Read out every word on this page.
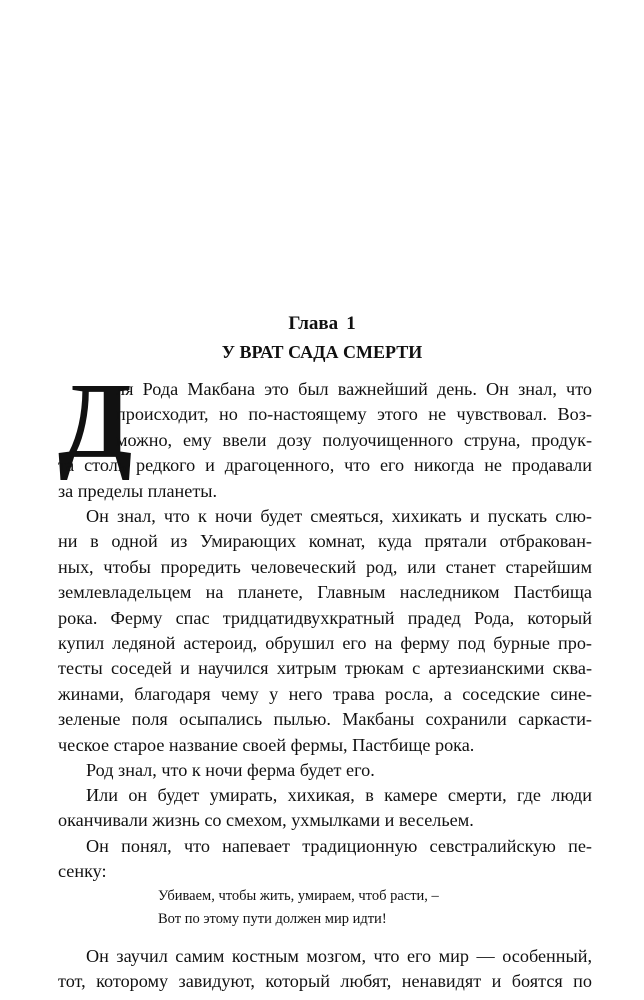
Глава 1
У ВРАТ САДА СМЕРТИ
Д
ля Рода Макбана это был важнейший день. Он знал, что
происходит, но по-настоящему этого не чувствовал. Воз-
можно, ему ввели дозу полуочищенного струна, продук-
та столь редкого и драгоценного, что его никогда не продавали
за пределы планеты.
Он знал, что к ночи будет смеяться, хихикать и пускать слю-
ни в одной из Умирающих комнат, куда прятали отбракован-
ных, чтобы проредить человеческий род, или станет старейшим
землевладельцем на планете, Главным наследником Пастбища
рока. Ферму спас тридцатидвухкратный прадед Рода, который
купил ледяной астероид, обрушил его на ферму под бурные про-
тесты соседей и научился хитрым трюкам с артезианскими сква-
жинами, благодаря чему у него трава росла, а соседские сине-
зеленые поля осыпались пылью. Макбаны сохранили саркасти-
ческое старое название своей фермы, Пастбище рока.
Род знал, что к ночи ферма будет его.
Или он будет умирать, хихикая, в камере смерти, где люди
оканчивали жизнь со смехом, ухмылками и весельем.
Он понял, что напевает традиционную севстралийскую пе-
сенку:
Убиваем, чтобы жить, умираем, чтоб расти, –
Вот по этому пути должен мир идти!
Он заучил самим костным мозгом, что его мир — особенный,
тот, которому завидуют, который любят, ненавидят и боятся по
